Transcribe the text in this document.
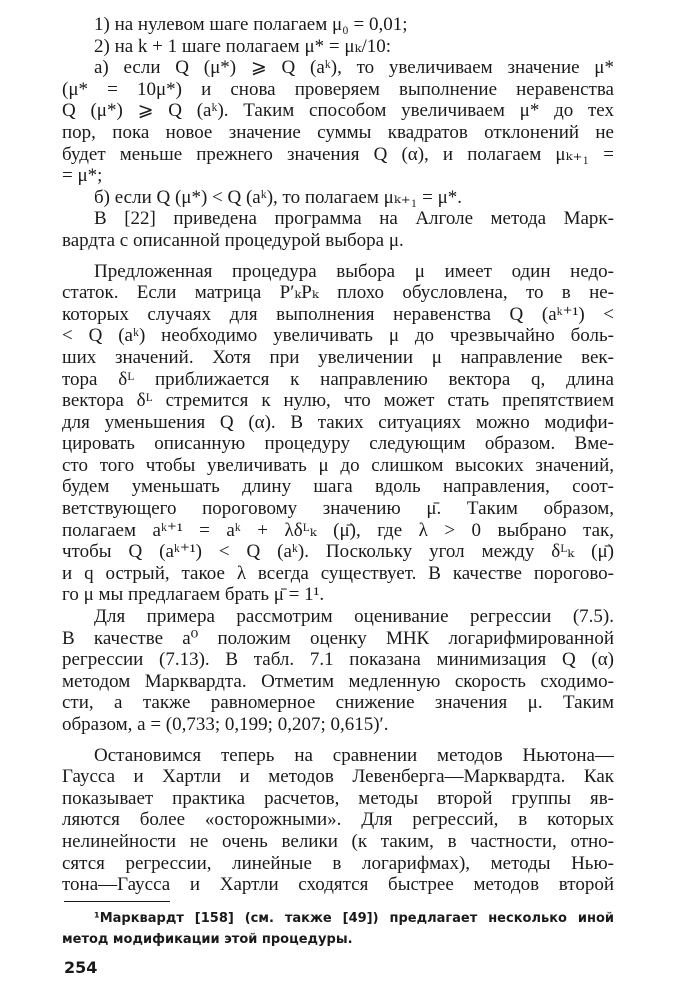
1) на нулевом шаге полагаем μ₀ = 0,01;
2) на k + 1 шаге полагаем μ* = μₖ/10:
а) если Q (μ*) ⩾ Q (aᵏ), то увеличиваем значение μ*
(μ* = 10μ*) и снова проверяем выполнение неравенства
Q (μ*) ⩾ Q (aᵏ). Таким способом увеличиваем μ* до тех
пор, пока новое значение суммы квадратов отклонений не
будет меньше прежнего значения Q (α), и полагаем μₖ₊₁ =
= μ*;
б) если Q (μ*) < Q (aᵏ), то полагаем μₖ₊₁ = μ*.
В [22] приведена программа на Алголе метода Марк-
вардта с описанной процедурой выбора μ.
Предложенная процедура выбора μ имеет один недо-
статок. Если матрица P′ₖPₖ плохо обусловлена, то в не-
которых случаях для выполнения неравенства Q (aᵏ⁺¹) <
< Q (aᵏ) необходимо увеличивать μ до чрезвычайно боль-
ших значений. Хотя при увеличении μ направление век-
тора δᴸ приближается к направлению вектора q, длина
вектора δᴸ стремится к нулю, что может стать препятствием
для уменьшения Q (α). В таких ситуациях можно модифи-
цировать описанную процедуру следующим образом. Вме-
сто того чтобы увеличивать μ до слишком высоких значений,
будем уменьшать длину шага вдоль направления, соот-
ветствующего пороговому значению μ̄. Таким образом,
полагаем aᵏ⁺¹ = aᵏ + λδᴸₖ (μ̄), где λ > 0 выбрано так,
чтобы Q (aᵏ⁺¹) < Q (aᵏ). Поскольку угол между δᴸₖ (μ̄)
и q острый, такое λ всегда существует. В качестве порогово-
го μ мы предлагаем брать μ̄ = 1¹.
Для примера рассмотрим оценивание регрессии (7.5).
В качестве a⁰ положим оценку МНК логарифмированной
регрессии (7.13). В табл. 7.1 показана минимизация Q (α)
методом Марквардта. Отметим медленную скорость сходимо-
сти, а также равномерное снижение значения μ. Таким
образом, a = (0,733; 0,199; 0,207; 0,615)′.
Остановимся теперь на сравнении методов Ньютона—
Гаусса и Хартли и методов Левенберга—Марквардта. Как
показывает практика расчетов, методы второй группы яв-
ляются более «осторожными». Для регрессий, в которых
нелинейности не очень велики (к таким, в частности, отно-
сятся регрессии, линейные в логарифмах), методы Нью-
тона—Гаусса и Хартли сходятся быстрее методов второй
¹Марквардт [158] (см. также [49]) предлагает несколько иной
метод модификации этой процедуры.
254
